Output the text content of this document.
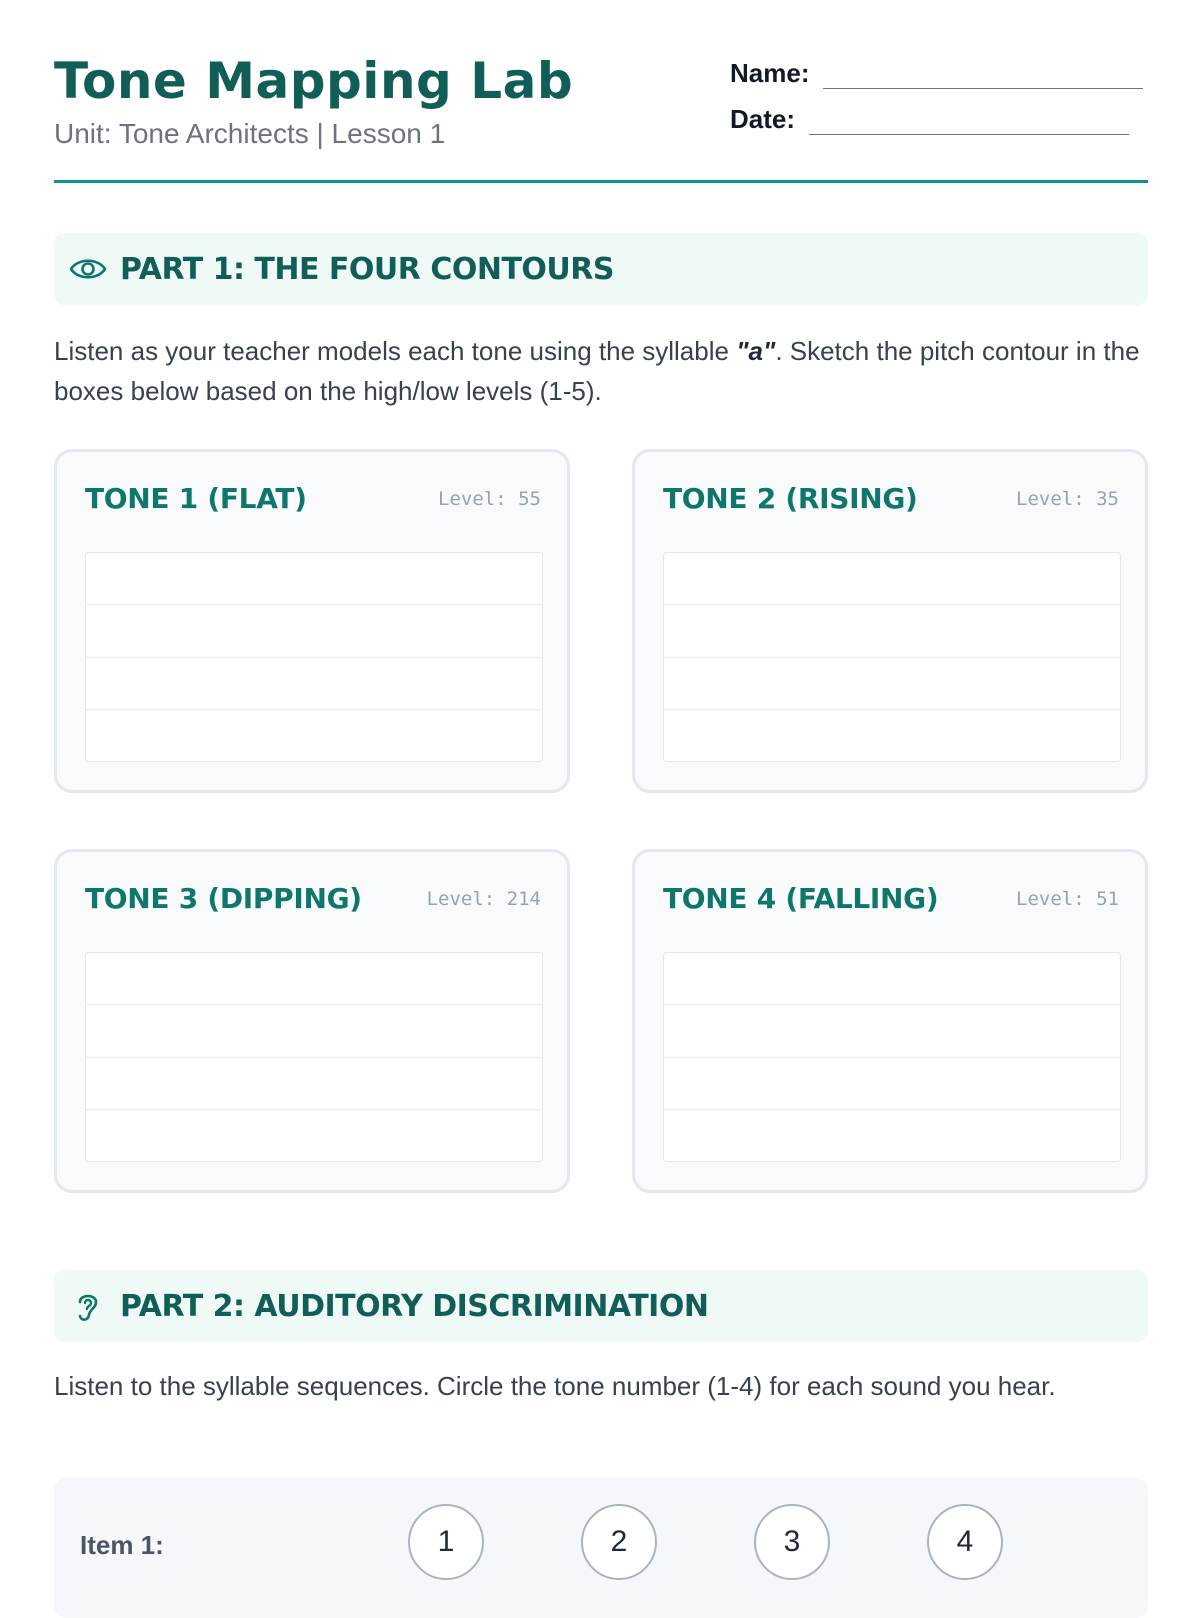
Tone Mapping Lab
Unit: Tone Architects | Lesson 1
Name:
Date:
PART 1: THE FOUR CONTOURS
Listen as your teacher models each tone using the syllable "a". Sketch the pitch contour in the boxes below based on the high/low levels (1-5).
TONE 1 (FLAT)	Level: 55	TONE 2 (RISING)	Level: 35
TONE 3 (DIPPING)	Level: 214	TONE 4 (FALLING)	Level: 51
PART 2: AUDITORY DISCRIMINATION
Listen to the syllable sequences. Circle the tone number (1-4) for each sound you hear.
Item 1:	1	2	3	4
